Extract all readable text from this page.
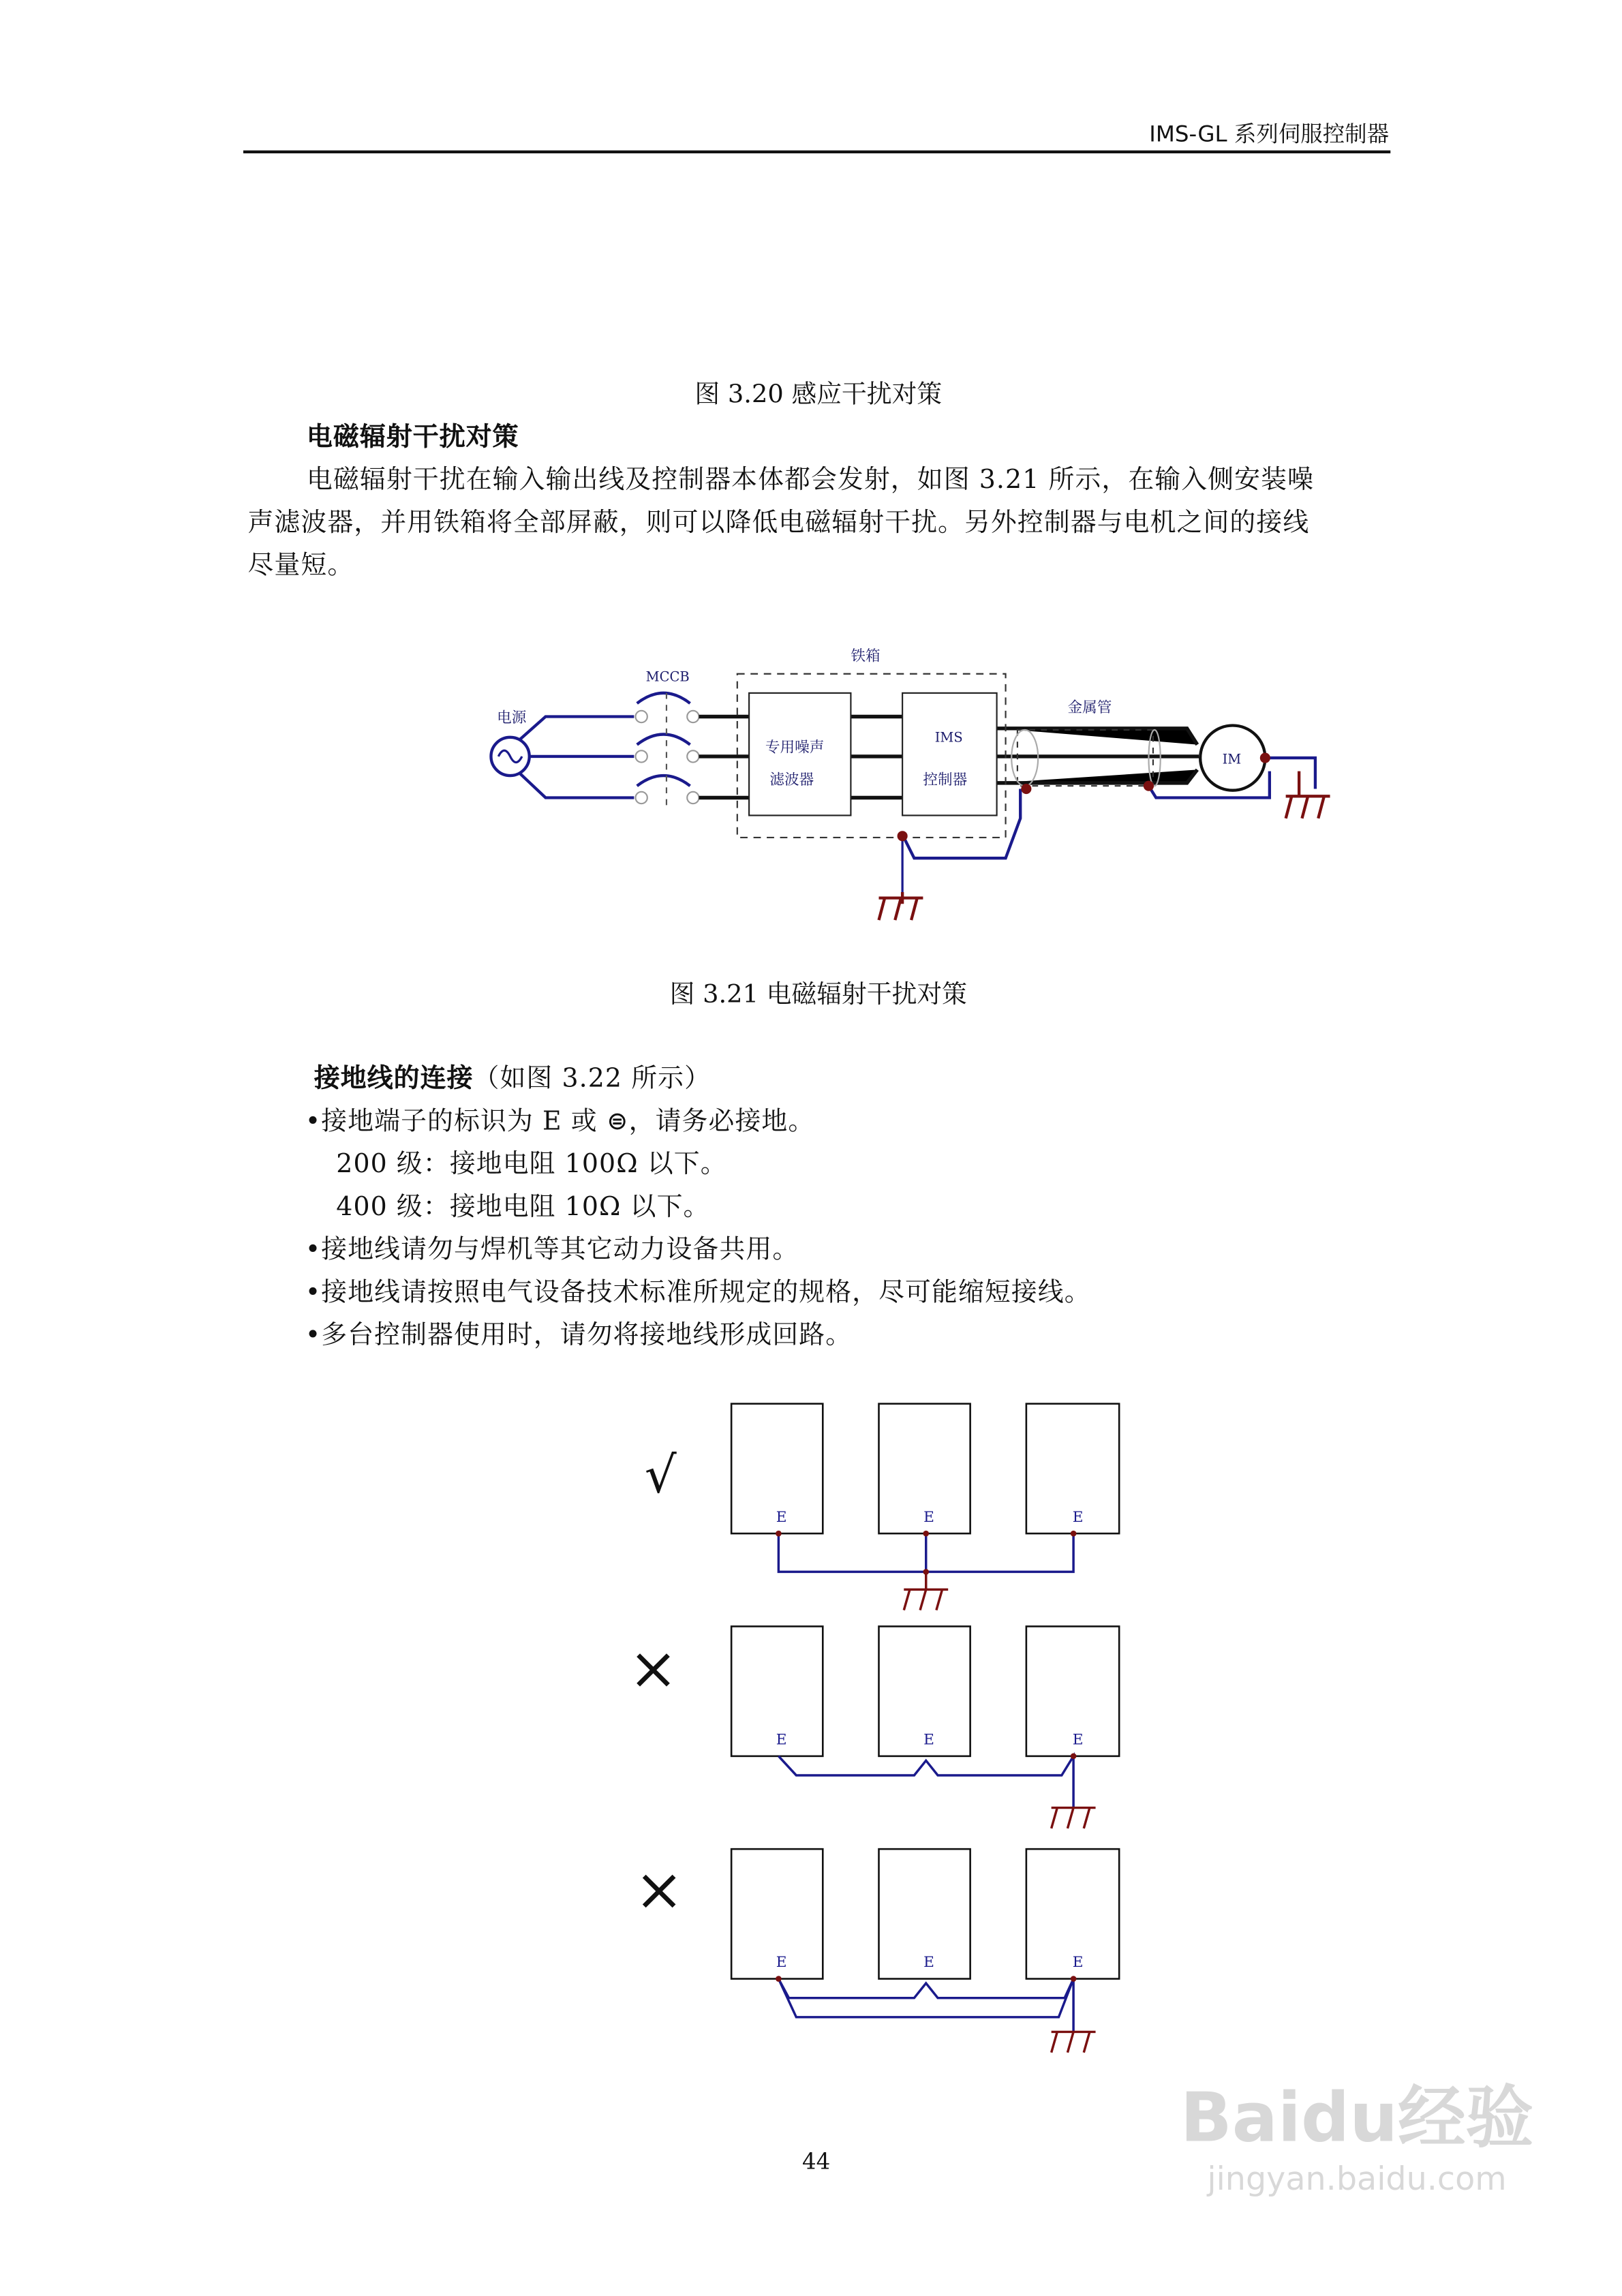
IMS-GL 系列伺服控制器
图 3.20 感应干扰对策
电磁辐射干扰对策
电磁辐射干扰在输入输出线及控制器本体都会发射，如图 3.21 所示，在输入侧安装噪
声滤波器，并用铁箱将全部屏蔽，则可以降低电磁辐射干扰。另外控制器与电机之间的接线
尽量短。
铁箱
MCCB
电源
专用噪声
滤波器
IMS
控制器
金属管
IM
E	E	E
E	E	E
E	E	E
√
×
×
图 3.21 电磁辐射干扰对策
接地线的连接（如图 3.22 所示）
•接地端子的标识为 E 或 ⊜，请务必接地。
200 级：接地电阻 100Ω 以下。
400 级：接地电阻 10Ω 以下。
•接地线请勿与焊机等其它动力设备共用。
•接地线请按照电气设备技术标准所规定的规格，尽可能缩短接线。
•多台控制器使用时，请勿将接地线形成回路。
44
Baidu经验
jingyan.baidu.com
